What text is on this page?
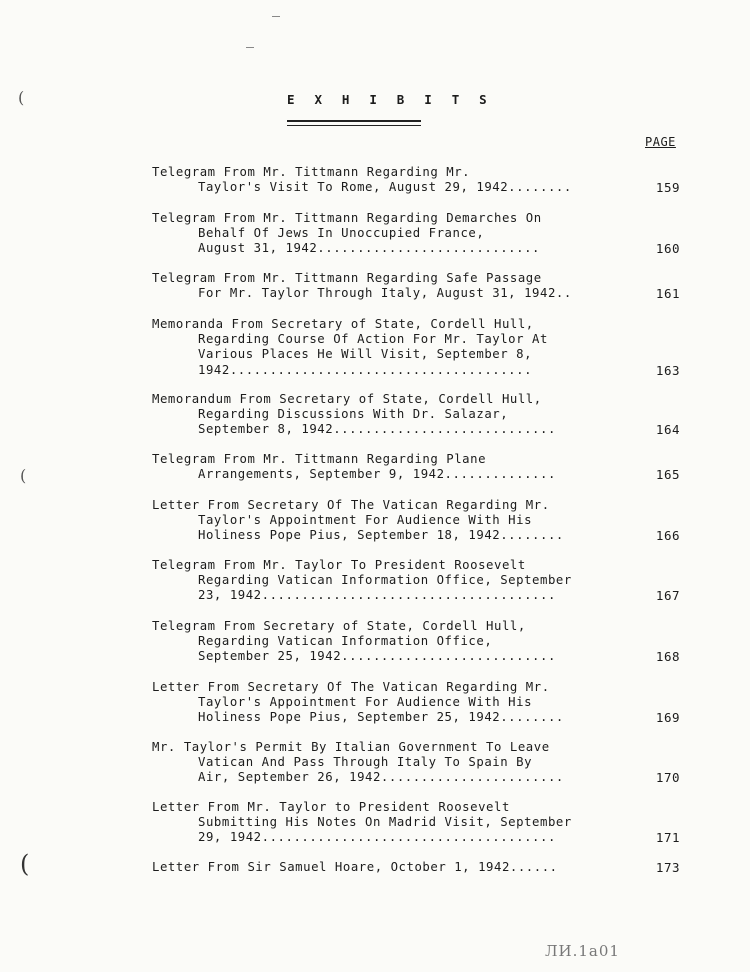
(
(
(
E X H I B I T S
PAGE
Telegram From Mr. Tittmann Regarding Mr.
Taylor's Visit To Rome, August 29, 1942........	159
Telegram From Mr. Tittmann Regarding Demarches On
Behalf Of Jews In Unoccupied France,
August 31, 1942............................	160
Telegram From Mr. Tittmann Regarding Safe Passage
For Mr. Taylor Through Italy, August 31, 1942..	161
Memoranda From Secretary of State, Cordell Hull,
Regarding Course Of Action For Mr. Taylor At
Various Places He Will Visit, September 8,
1942......................................	163
Memorandum From Secretary of State, Cordell Hull,
Regarding Discussions With Dr. Salazar,
September 8, 1942............................	164
Telegram From Mr. Tittmann Regarding Plane
Arrangements, September 9, 1942..............	165
Letter From Secretary Of The Vatican Regarding Mr.
Taylor's Appointment For Audience With His
Holiness Pope Pius, September 18, 1942........	166
Telegram From Mr. Taylor To President Roosevelt
Regarding Vatican Information Office, September
23, 1942.....................................	167
Telegram From Secretary of State, Cordell Hull,
Regarding Vatican Information Office,
September 25, 1942...........................	168
Letter From Secretary Of The Vatican Regarding Mr.
Taylor's Appointment For Audience With His
Holiness Pope Pius, September 25, 1942........	169
Mr. Taylor's Permit By Italian Government To Leave
Vatican And Pass Through Italy To Spain By
Air, September 26, 1942.......................	170
Letter From Mr. Taylor to President Roosevelt
Submitting His Notes On Madrid Visit, September
29, 1942.....................................	171
Letter From Sir Samuel Hoare, October 1, 1942......	173
ЛИ.1а01
